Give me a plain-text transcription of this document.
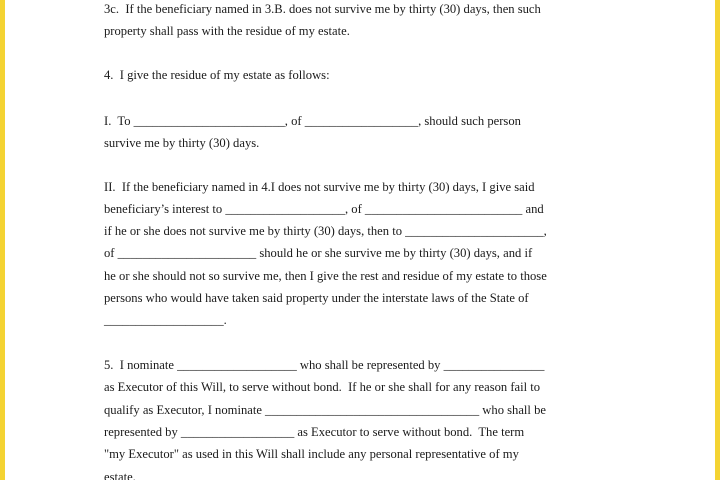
3c.  If the beneficiary named in 3.B. does not survive me by thirty (30) days, then such
property shall pass with the residue of my estate.
4.  I give the residue of my estate as follows:
I.  To ________________________, of __________________, should such person
survive me by thirty (30) days.
II.  If the beneficiary named in 4.I does not survive me by thirty (30) days, I give said
beneficiary’s interest to ___________________, of _________________________ and
if he or she does not survive me by thirty (30) days, then to ______________________,
of ______________________ should he or she survive me by thirty (30) days, and if
he or she should not so survive me, then I give the rest and residue of my estate to those
persons who would have taken said property under the interstate laws of the State of
___________________.
5.  I nominate ___________________ who shall be represented by ________________
as Executor of this Will, to serve without bond.  If he or she shall for any reason fail to
qualify as Executor, I nominate __________________________________ who shall be
represented by __________________ as Executor to serve without bond.  The term
"my Executor" as used in this Will shall include any personal representative of my
estate.
